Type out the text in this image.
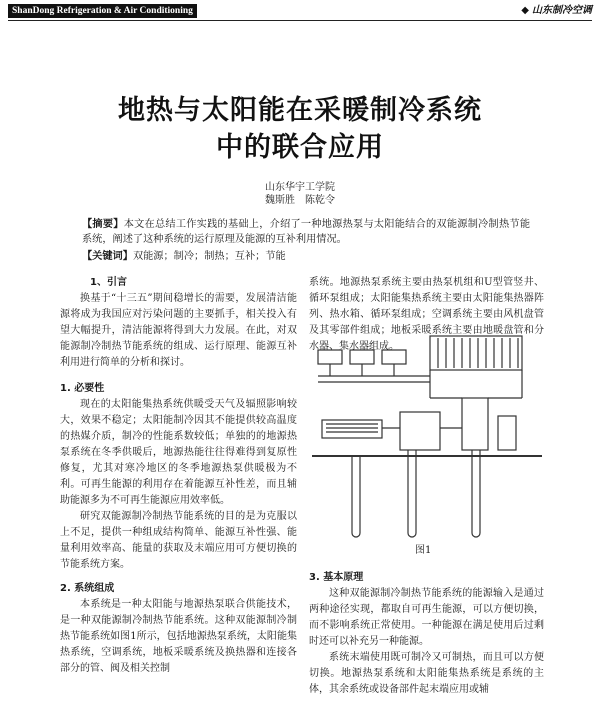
ShanDong Refrigeration & Air Conditioning	◆ 山东制冷空调
地热与太阳能在采暖制冷系统
中的联合应用
山东华宇工学院
魏斯胜　陈乾令
【摘要】本文在总结工作实践的基础上，介绍了一种地源热泵与太阳能结合的双能源制冷制热节能系统，阐述了这种系统的运行原理及能源的互补利用情况。
【关键词】双能源；制冷；制热；互补；节能

1、引言

换基于“十三五”期间稳增长的需要，发展清洁能源将成为我国应对污染问题的主要抓手，相关投入有望大幅提升，清洁能源将得到大力发展。在此，对双能源制冷制热节能系统的组成、运行原理、能源互补利用进行简单的分析和探讨。

1. 必要性

现在的太阳能集热系统供暖受天气及辐照影响较大，效果不稳定；太阳能制冷因其不能提供较高温度的热媒介质，制冷的性能系数较低；单独的的地源热泵系统在冬季供暖后，地源热能往往得难得到复原性修复，尤其对寒冷地区的冬季地源热泵供暖极为不利。可再生能源的利用存在着能源互补性差，而且辅助能源多为不可再生能源应用效率低。

研究双能源制冷制热节能系统的目的是为克服以上不足，提供一种组成结构简单、能源互补性强、能量利用效率高、能量的获取及末端应用可方便切换的节能系统方案。

2. 系统组成

本系统是一种太阳能与地源热泵联合供能技术，是一种双能源制冷制热节能系统。这种双能源制冷制热节能系统如图1所示，包括地源热泵系统，太阳能集热系统，空调系统，地板采暖系统及换热器和连接各部分的管、阀及相关控制

系统。地源热泵系统主要由热泵机组和U型管竖井、循环泵组成；太阳能集热系统主要由太阳能集热器阵列、热水箱、循环泵组成；空调系统主要由风机盘管及其零部件组成；地板采暖系统主要由地暖盘管和分水器、集水器组成。

图1

3. 基本原理

这种双能源制冷制热节能系统的能源输入是通过两种途径实现，都取自可再生能源，可以方便切换，而不影响系统正常使用。一种能源在满足使用后过剩时还可以补充另一种能源。

系统末端使用既可制冷又可制热，而且可以方便切换。地源热泵系统和太阳能集热系统是系统的主体，其余系统或设备部件起末端应用或辅
